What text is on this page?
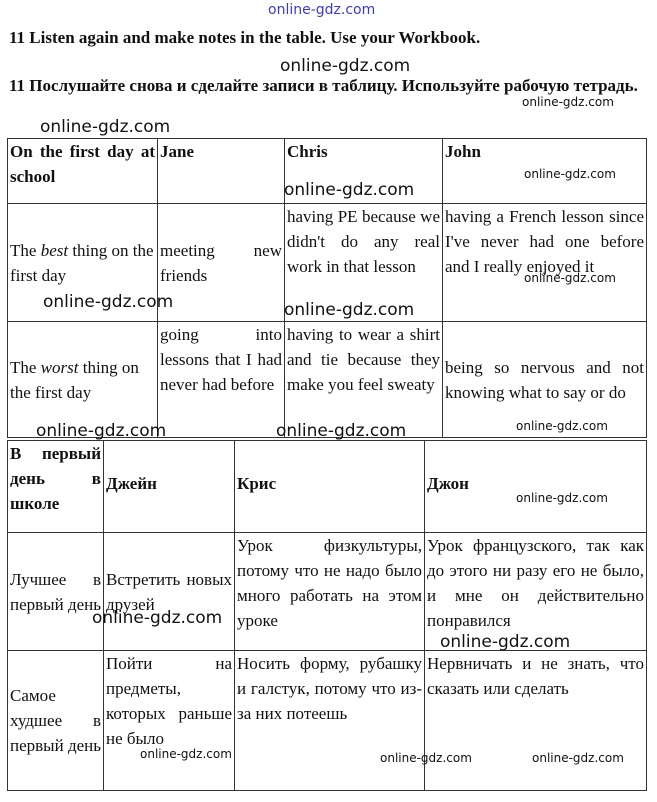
11 Listen again and make notes in the table. Use your Workbook.
11 Послушайте снова и сделайте записи в таблицу. Используйте рабочую тетрадь.
On the first day at school	Jane	Chris	John
The best thing on the first day	meeting new friends	having PE because we didn't do any real work in that lesson	having a French lesson since I've never had one before and I really enjoyed it
The worst thing on the first day	going into lessons that I had never had before	having to wear a shirt and tie because they make you feel sweaty	being so nervous and not knowing what to say or do
В первый день в школе	Джейн	Крис	Джон
Лучшее в первый день	Встретить новых друзей	Урок физкультуры, потому что не надо было много работать на этом уроке	Урок французского, так как до этого ни разу его не было, и мне он действительно понравился
Самое худшее в первый день	Пойти на предметы, которых раньше не было	Носить форму, рубашку и галстук, потому что из-за них потеешь	Нервничать и не знать, что сказать или сделать
online-gdz.com
online-gdz.com
online-gdz.com
online-gdz.com
online-gdz.com
online-gdz.com
online-gdz.com
online-gdz.com	online-gdz.com
online-gdz.com	online-gdz.com	online-gdz.com
online-gdz.com
online-gdz.com
online-gdz.com
online-gdz.com	online-gdz.com	online-gdz.com
